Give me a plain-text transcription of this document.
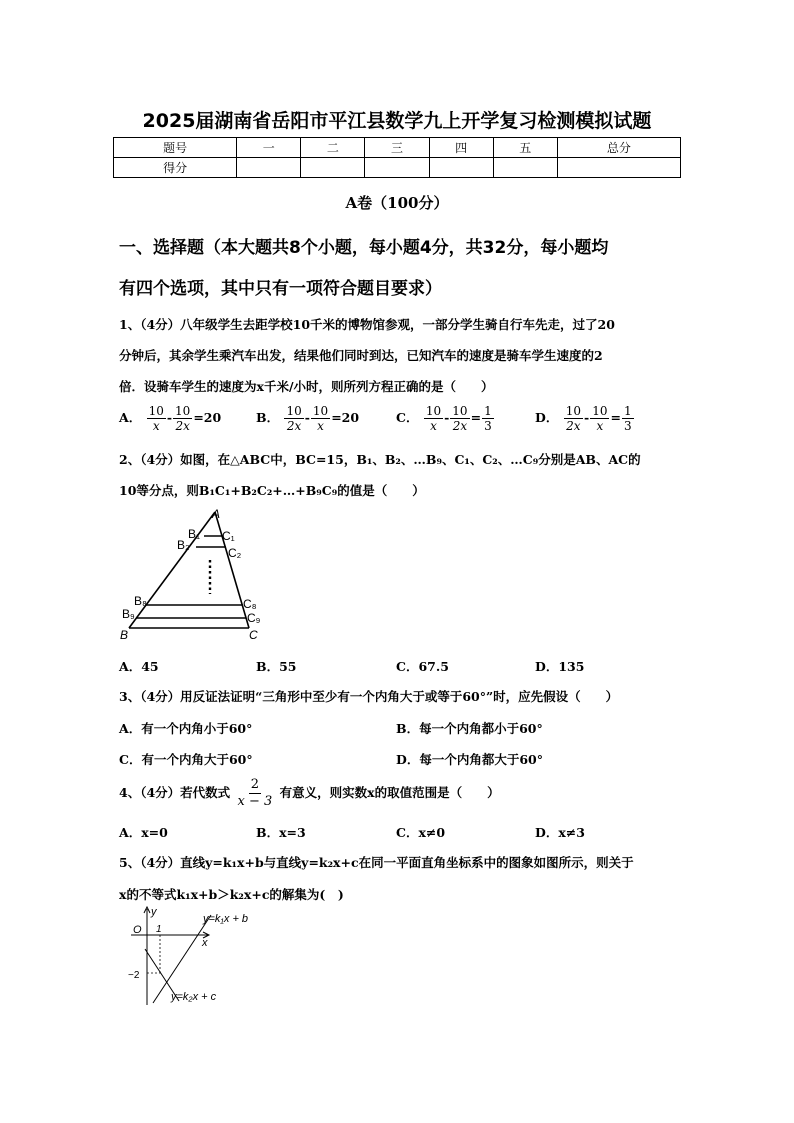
2025届湖南省岳阳市平江县数学九上开学复习检测模拟试题
题号	一	二	三	四	五	总分
得分						
A卷（100分）
一、选择题（本大题共8个小题，每小题4分，共32分，每小题均
有四个选项，其中只有一项符合题目要求）
1、（4分）八年级学生去距学校10千米的博物馆参观，一部分学生骑自行车先走，过了20
分钟后，其余学生乘汽车出发，结果他们同时到达，已知汽车的速度是骑车学生速度的2
倍．设骑车学生的速度为x千米/小时，则所列方程正确的是（　　）
A． $\frac{10}{x} - \frac{10}{2x} =20$	B． $\frac{10}{2x} - \frac{10}{x} =20$	C． $\frac{10}{x} - \frac{10}{2x} = \frac{1}{3}$	D． $\frac{10}{2x} - \frac{10}{x} = \frac{1}{3}$
2、（4分）如图，在△ABC中，BC=15，B₁、B₂、…B₉、C₁、C₂、…C₉分别是AB、AC的
10等分点，则B₁C₁+B₂C₂+…+B₉C₉的值是（　　）
A
B₁
B₂
C₁
C₂
B₈
B₉
C₈
C₉
B	C
A．45	B．55	C．67.5	D．135
3、（4分）用反证法证明“三角形中至少有一个内角大于或等于60°”时，应先假设（　　）
A．有一个内角小于60°	B．每一个内角都小于60°
C．有一个内角大于60°	D．每一个内角都大于60°
4、（4分）若代数式 $\frac{2}{x - 3}$ 有意义，则实数x的取值范围是（　　）
A．x=0	B．x=3	C．x≠0	D．x≠3
5、（4分）直线y=k₁x+b与直线y=k₂x+c在同一平面直角坐标系中的图象如图所示，则关于
x的不等式k₁x+b＞k₂x+c的解集为(　)
y
x
O 1
−2
y=k₁x + b
y=k₂x + c
